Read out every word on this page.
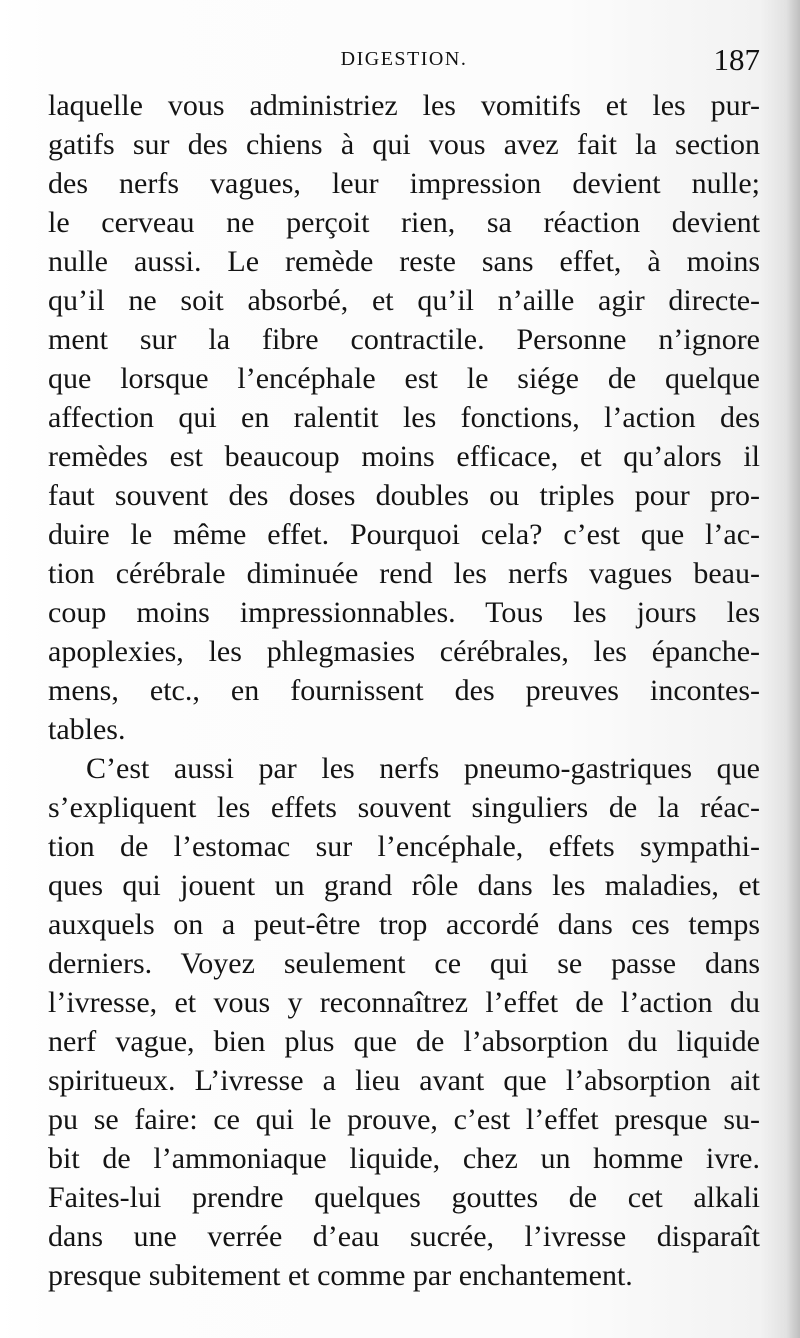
DIGESTION.	187
laquelle vous administriez les vomitifs et les pur-
gatifs sur des chiens à qui vous avez fait la section
des nerfs vagues, leur impression devient nulle;
le cerveau ne perçoit rien, sa réaction devient
nulle aussi. Le remède reste sans effet, à moins
qu’il ne soit absorbé, et qu’il n’aille agir directe-
ment sur la fibre contractile. Personne n’ignore
que lorsque l’encéphale est le siége de quelque
affection qui en ralentit les fonctions, l’action des
remèdes est beaucoup moins efficace, et qu’alors il
faut souvent des doses doubles ou triples pour pro-
duire le même effet. Pourquoi cela? c’est que l’ac-
tion cérébrale diminuée rend les nerfs vagues beau-
coup moins impressionnables. Tous les jours les
apoplexies, les phlegmasies cérébrales, les épanche-
mens, etc., en fournissent des preuves incontes-
tables.
C’est aussi par les nerfs pneumo-gastriques que
s’expliquent les effets souvent singuliers de la réac-
tion de l’estomac sur l’encéphale, effets sympathi-
ques qui jouent un grand rôle dans les maladies, et
auxquels on a peut-être trop accordé dans ces temps
derniers. Voyez seulement ce qui se passe dans
l’ivresse, et vous y reconnaîtrez l’effet de l’action du
nerf vague, bien plus que de l’absorption du liquide
spiritueux. L’ivresse a lieu avant que l’absorption ait
pu se faire: ce qui le prouve, c’est l’effet presque su-
bit de l’ammoniaque liquide, chez un homme ivre.
Faites-lui prendre quelques gouttes de cet alkali
dans une verrée d’eau sucrée, l’ivresse disparaît
presque subitement et comme par enchantement.
